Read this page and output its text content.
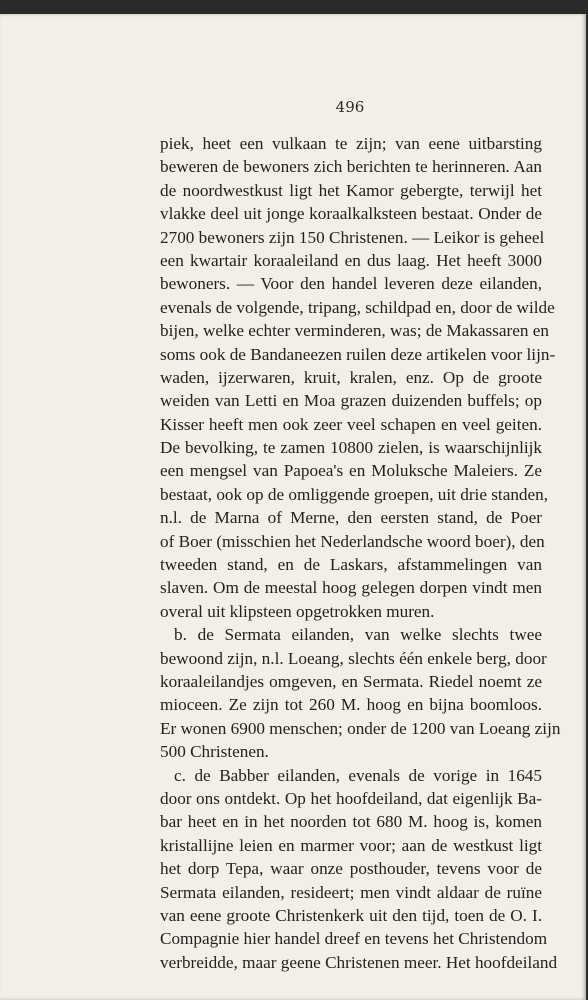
496
piek, heet een vulkaan te zijn; van eene uitbarsting
beweren de bewoners zich berichten te herinneren. Aan
de noordwestkust ligt het Kamor gebergte, terwijl het
vlakke deel uit jonge koraalkalksteen bestaat. Onder de
2700 bewoners zijn 150 Christenen. — Leikor is geheel
een kwartair koraaleiland en dus laag. Het heeft 3000
bewoners. — Voor den handel leveren deze eilanden,
evenals de volgende, tripang, schildpad en, door de wilde
bijen, welke echter verminderen, was; de Makassaren en
soms ook de Bandaneezen ruilen deze artikelen voor lijn-
waden, ijzerwaren, kruit, kralen, enz. Op de groote
weiden van Letti en Moa grazen duizenden buffels; op
Kisser heeft men ook zeer veel schapen en veel geiten.
De bevolking, te zamen 10800 zielen, is waarschijnlijk
een mengsel van Papoea's en Moluksche Maleiers. Ze
bestaat, ook op de omliggende groepen, uit drie standen,
n.l. de Marna of Merne, den eersten stand, de Poer
of Boer (misschien het Nederlandsche woord boer), den
tweeden stand, en de Laskars, afstammelingen van
slaven. Om de meestal hoog gelegen dorpen vindt men
overal uit klipsteen opgetrokken muren.
b. de Sermata eilanden, van welke slechts twee
bewoond zijn, n.l. Loeang, slechts één enkele berg, door
koraaleilandjes omgeven, en Sermata. Riedel noemt ze
mioceen. Ze zijn tot 260 M. hoog en bijna boomloos.
Er wonen 6900 menschen; onder de 1200 van Loeang zijn
500 Christenen.
c. de Babber eilanden, evenals de vorige in 1645
door ons ontdekt. Op het hoofdeiland, dat eigenlijk Ba-
bar heet en in het noorden tot 680 M. hoog is, komen
kristallijne leien en marmer voor; aan de westkust ligt
het dorp Tepa, waar onze posthouder, tevens voor de
Sermata eilanden, resideert; men vindt aldaar de ruïne
van eene groote Christenkerk uit den tijd, toen de O. I.
Compagnie hier handel dreef en tevens het Christendom
verbreidde, maar geene Christenen meer. Het hoofdeiland
